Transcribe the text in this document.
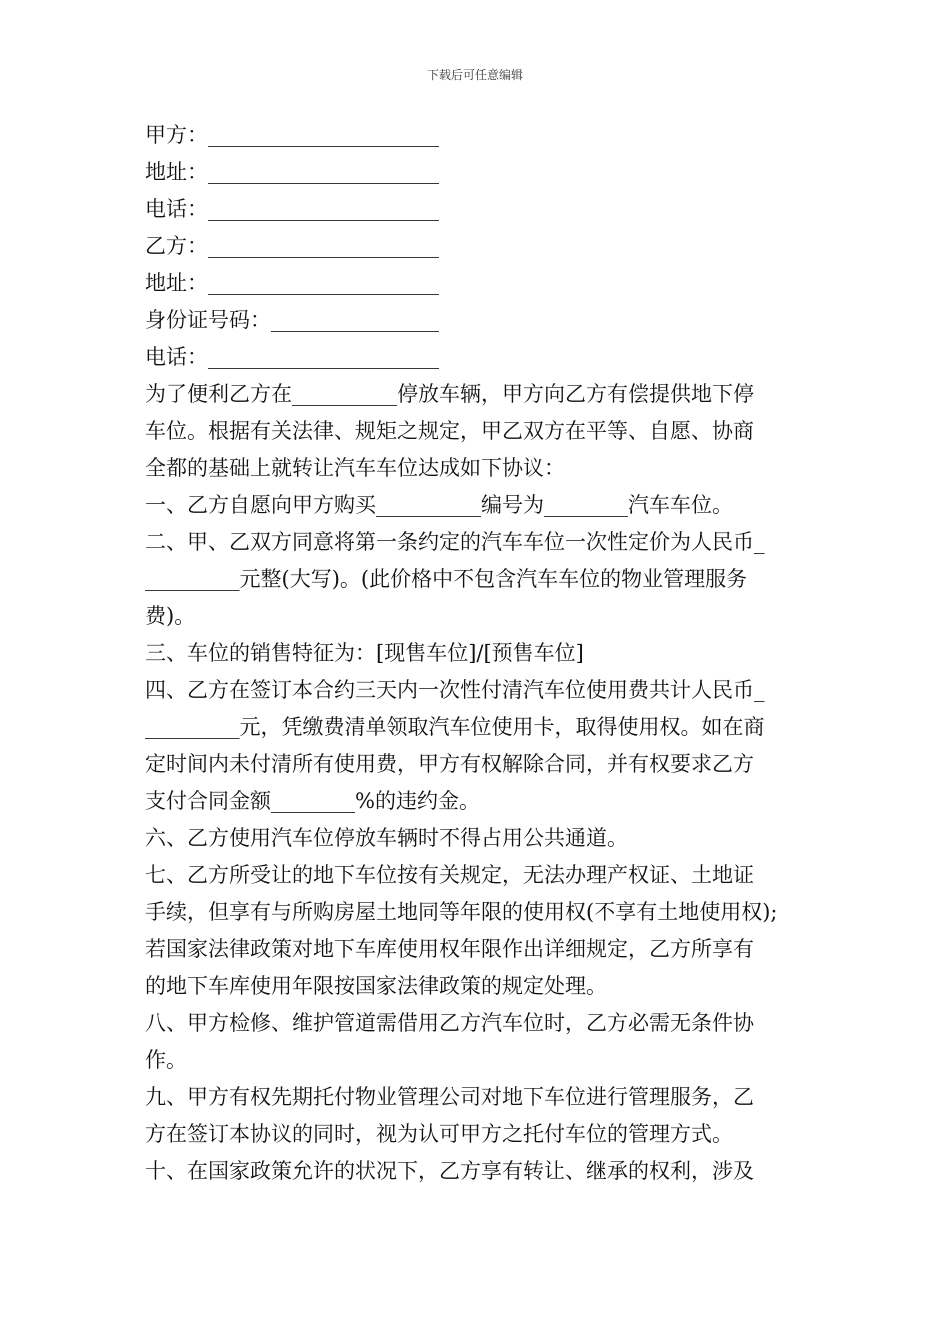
下载后可任意编辑
甲方：______________________
地址：______________________
电话：______________________
乙方：______________________
地址：______________________
身份证号码：________________
电话：______________________
为了便利乙方在__________停放车辆，甲方向乙方有偿提供地下停
车位。根据有关法律、规矩之规定，甲乙双方在平等、自愿、协商
全都的基础上就转让汽车车位达成如下协议：
一、乙方自愿向甲方购买__________编号为________汽车车位。
二、甲、乙双方同意将第一条约定的汽车车位一次性定价为人民币_
_________元整(大写)。(此价格中不包含汽车车位的物业管理服务
费)。
三、车位的销售特征为：[现售车位]/[预售车位]
四、乙方在签订本合约三天内一次性付清汽车位使用费共计人民币_
_________元，凭缴费清单领取汽车位使用卡，取得使用权。如在商
定时间内未付清所有使用费，甲方有权解除合同，并有权要求乙方
支付合同金额________%的违约金。
六、乙方使用汽车位停放车辆时不得占用公共通道。
七、乙方所受让的地下车位按有关规定，无法办理产权证、土地证
手续，但享有与所购房屋土地同等年限的使用权(不享有土地使用权);
若国家法律政策对地下车库使用权年限作出详细规定，乙方所享有
的地下车库使用年限按国家法律政策的规定处理。
八、甲方检修、维护管道需借用乙方汽车位时，乙方必需无条件协
作。
九、甲方有权先期托付物业管理公司对地下车位进行管理服务，乙
方在签订本协议的同时，视为认可甲方之托付车位的管理方式。
十、在国家政策允许的状况下，乙方享有转让、继承的权利，涉及
